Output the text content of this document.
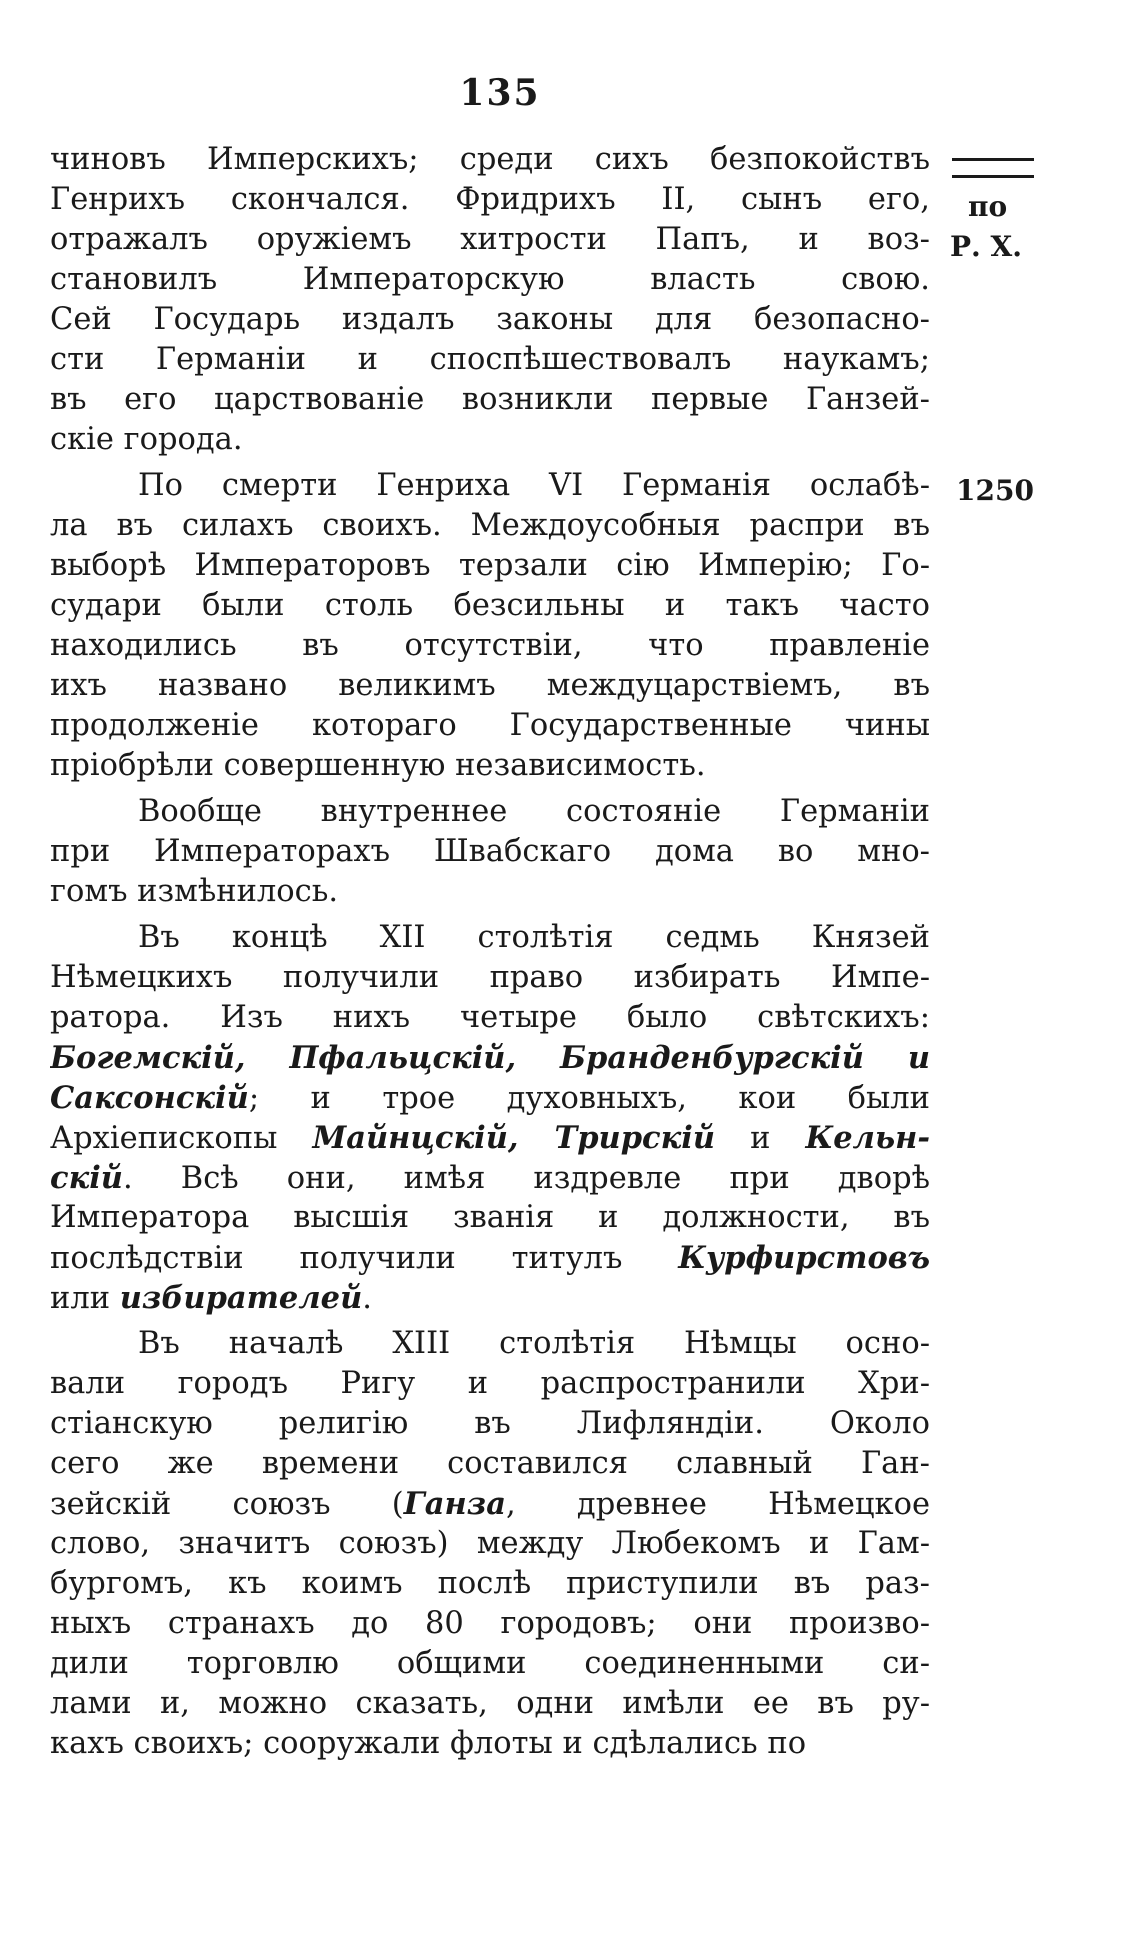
135
по
Р. Х.
1250
чиновъ Имперскихъ; среди сихъ безпокойствъ
Генрихъ скончался. Фридрихъ II, сынъ его,
отражалъ оружіемъ хитрости Папъ, и воз-
становилъ Императорскую власть свою.
Сей Государь издалъ законы для безопасно-
сти Германіи и споспѣшествовалъ наукамъ;
въ его царствованіе возникли первые Ганзей-
скіе города.
По смерти Генриха VI Германія ослабѣ-
ла въ силахъ своихъ. Междоусобныя распри въ
выборѣ Императоровъ терзали сію Имперію; Го-
судари были столь безсильны и такъ часто
находились въ отсутствіи, что правленіе
ихъ названо великимъ междуцарствіемъ, въ
продолженіе котораго Государственные чины
пріобрѣли совершенную независимость.
Вообще внутреннее состояніе Германіи
при Императорахъ Швабскаго дома во мно-
гомъ измѣнилось.
Въ концѣ XII столѣтія седмь Князей
Нѣмецкихъ получили право избирать Импе-
ратора. Изъ нихъ четыре было свѣтскихъ:
Богемскій, Пфальцскій, Бранденбургскій и
Саксонскій; и трое духовныхъ, кои были
Архіепископы Майнцскій, Трирскій и Кельн-
скій. Всѣ они, имѣя издревле при дворѣ
Императора высшія званія и должности, въ
послѣдствіи получили титулъ Курфирстовъ
или избирателей.
Въ началѣ XIII столѣтія Нѣмцы осно-
вали городъ Ригу и распространили Хри-
стіанскую религію въ Лифляндіи. Около
сего же времени составился славный Ган-
зейскій союзъ (Ганза, древнее Нѣмецкое
слово, значитъ союзъ) между Любекомъ и Гам-
бургомъ, къ коимъ послѣ приступили въ раз-
ныхъ странахъ до 80 городовъ; они произво-
дили торговлю общими соединенными си-
лами и, можно сказать, одни имѣли ее въ ру-
кахъ своихъ; сооружали флоты и сдѣлались по
